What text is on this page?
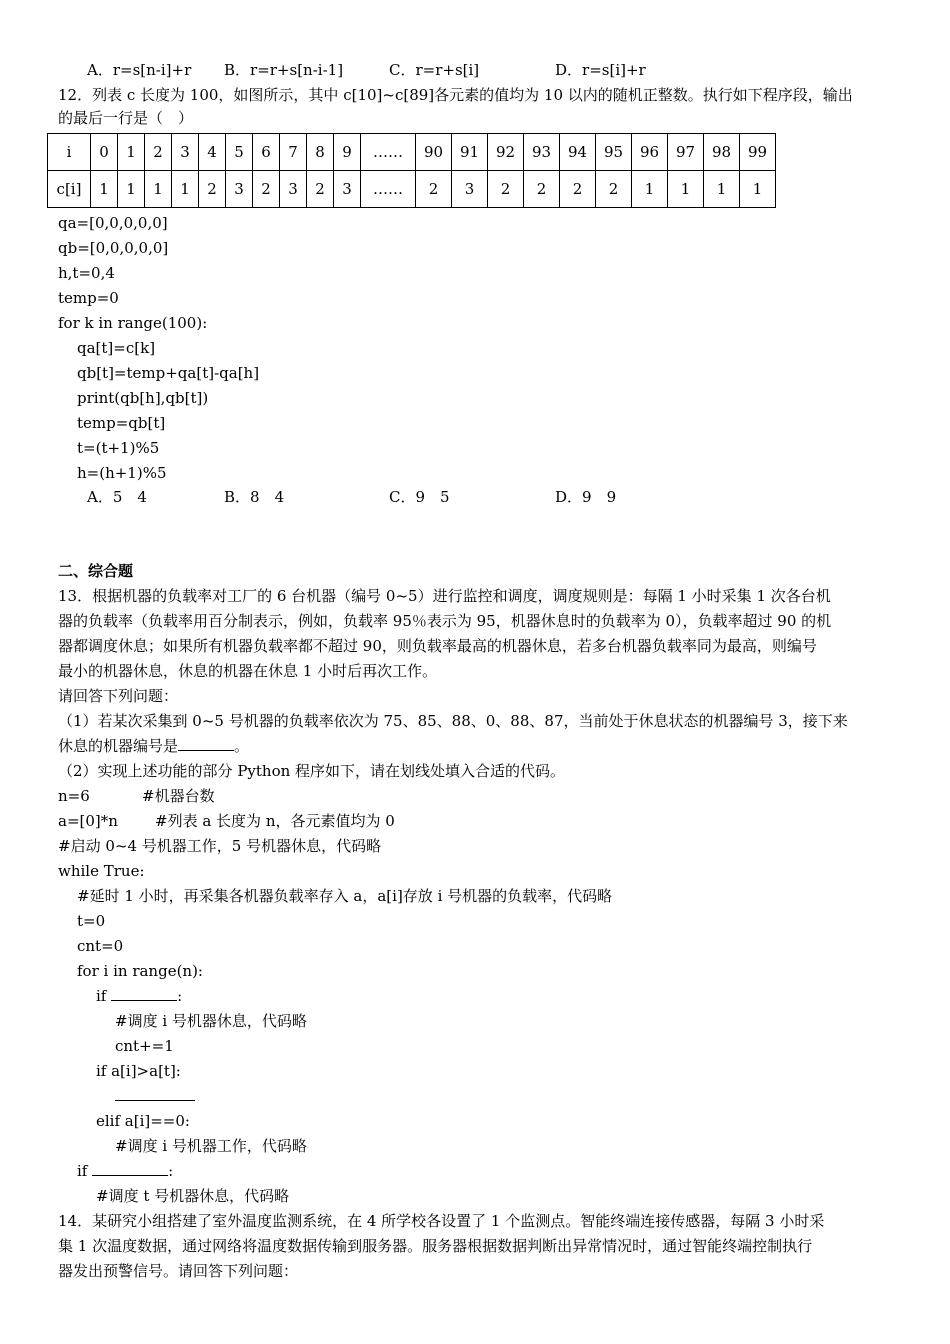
A．r=s[n-i]+r B．r=r+s[n-i-1]	C．r=r+s[i]	D．r=s[i]+r
12．列表 c 长度为 100，如图所示，其中 c[10]~c[89]各元素的值均为 10 以内的随机正整数。执行如下程序段，输出
的最后一行是（　）
i	0	1	2	3	4	5	6	7	8	9	……	90	91	92	93	94	95	96	97	98	99
c[i]	1	1	1	1	2	3	2	3	2	3	……	2	3	2	2	2	2	1	1	1	1
qa=[0,0,0,0,0]
qb=[0,0,0,0,0]
h,t=0,4
temp=0
for k in range(100):
qa[t]=c[k]
qb[t]=temp+qa[t]-qa[h]
print(qb[h],qb[t])
temp=qb[t]
t=(t+1)%5
h=(h+1)%5
A．5　4	B．8　4	C．9　5	D．9　9
二、综合题
13．根据机器的负载率对工厂的 6 台机器（编号 0~5）进行监控和调度，调度规则是：每隔 1 小时采集 1 次各台机
器的负载率（负载率用百分制表示，例如，负载率 95％表示为 95，机器休息时的负载率为 0），负载率超过 90 的机
器都调度休息；如果所有机器负载率都不超过 90，则负载率最高的机器休息，若多台机器负载率同为最高，则编号
最小的机器休息，休息的机器在休息 1 小时后再次工作。
请回答下列问题：
（1）若某次采集到 0~5 号机器的负载率依次为 75、85、88、0、88、87，当前处于休息状态的机器编号 3，接下来
休息的机器编号是	。
（2）实现上述功能的部分 Python 程序如下，请在划线处填入合适的代码。
n=6	#机器台数
a=[0]*n #列表 a 长度为 n，各元素值均为 0
#启动 0~4 号机器工作，5 号机器休息，代码略
while True:
#延时 1 小时，再采集各机器负载率存入 a，a[i]存放 i 号机器的负载率，代码略
t=0
cnt=0
for i in range(n):
if	:
#调度 i 号机器休息，代码略
cnt+=1
if a[i]>a[t]:
elif a[i]==0:
#调度 i 号机器工作，代码略
if	:
#调度 t 号机器休息，代码略
14．某研究小组搭建了室外温度监测系统，在 4 所学校各设置了 1 个监测点。智能终端连接传感器，每隔 3 小时采
集 1 次温度数据，通过网络将温度数据传输到服务器。服务器根据数据判断出异常情况时，通过智能终端控制执行
器发出预警信号。请回答下列问题：
